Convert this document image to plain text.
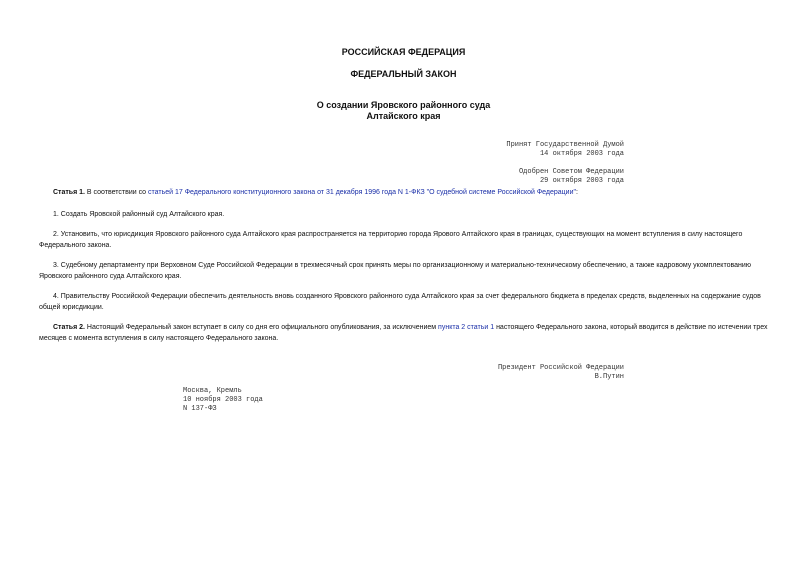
РОССИЙСКАЯ ФЕДЕРАЦИЯ

ФЕДЕРАЛЬНЫЙ ЗАКОН

О создании Яровского районного суда

Алтайского края

Принят Государственной Думой
14 октября 2003 года

Одобрен Советом Федерации
29 октября 2003 года

Статья 1. В соответствии со статьей 17 Федерального конституционного закона от 31 декабря 1996 года N 1-ФКЗ "О судебной системе Российской Федерации":

1. Создать Яровской районный суд Алтайского края.

2. Установить, что юрисдикция Яровского районного суда Алтайского края распространяется на территорию города Ярового Алтайского края в границах, существующих на момент вступления в силу настоящего Федерального закона.

3. Судебному департаменту при Верховном Суде Российской Федерации в трехмесячный срок принять меры по организационному и материально-техническому обеспечению, а также кадровому укомплектованию Яровского районного суда Алтайского края.

4. Правительству Российской Федерации обеспечить деятельность вновь созданного Яровского районного суда Алтайского края за счет федерального бюджета в пределах средств, выделенных на содержание судов общей юрисдикции.

Статья 2. Настоящий Федеральный закон вступает в силу со дня его официального опубликования, за исключением пункта 2 статьи 1 настоящего Федерального закона, который вводится в действие по истечении трех месяцев с момента вступления в силу настоящего Федерального закона.

Президент Российской Федерации
В.Путин
Москва, Кремль
10 ноября 2003 года
N 137-ФЗ
